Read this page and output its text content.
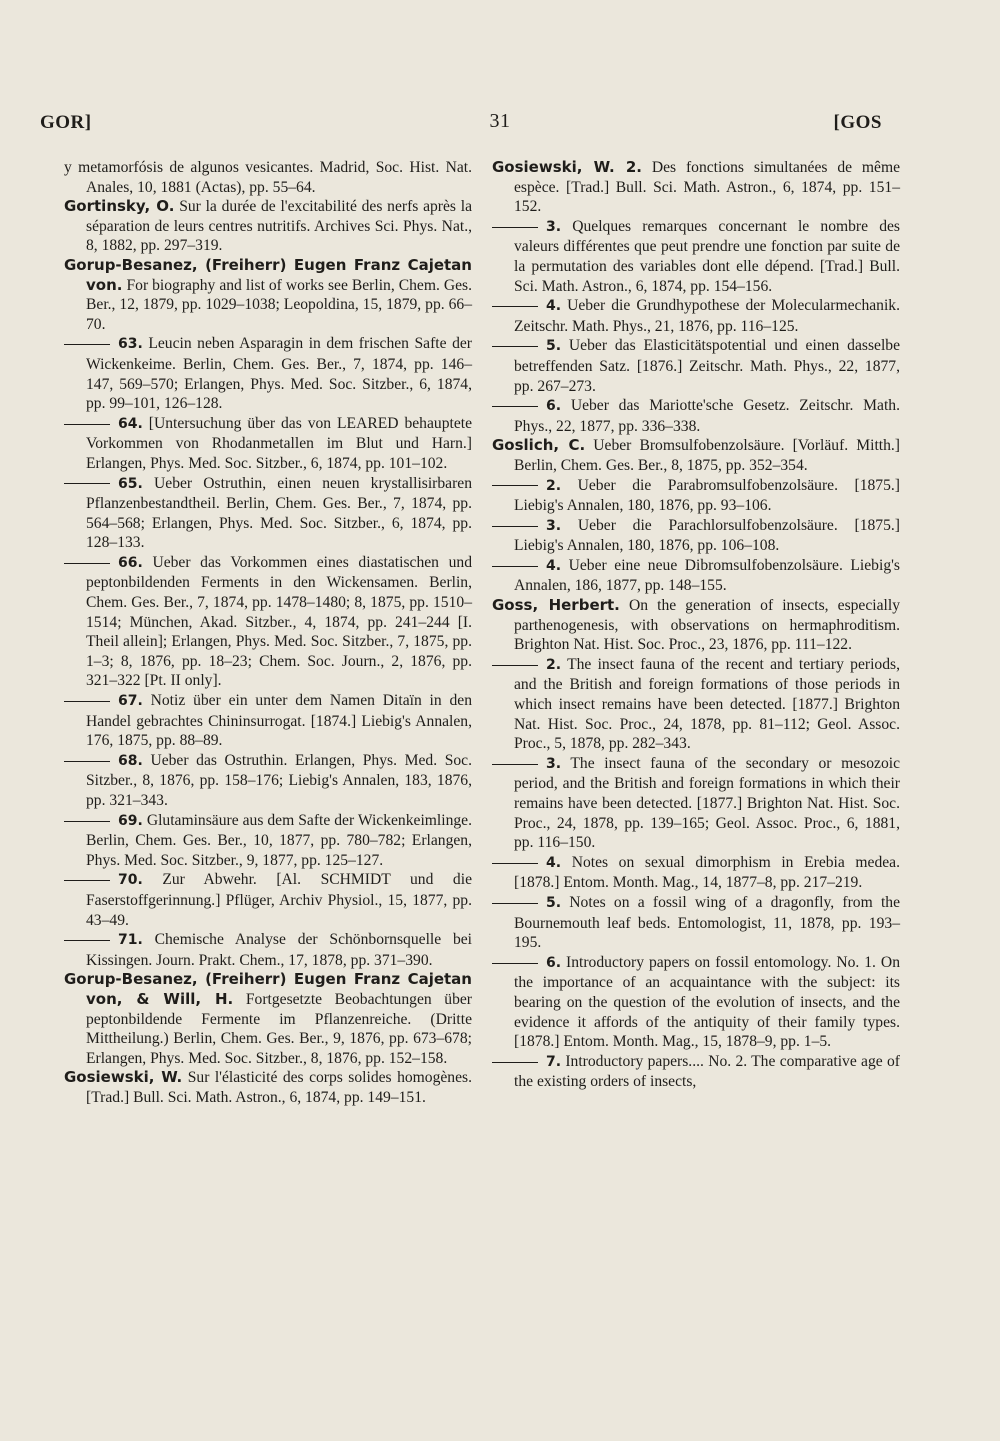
GOR]	31	[GOS

y metamorfósis de algunos vesicantes. Madrid, Soc. Hist. Nat. Anales, 10, 1881 (Actas), pp. 55–64.

Gortinsky, O. Sur la durée de l'excitabilité des nerfs après la séparation de leurs centres nutritifs. Archives Sci. Phys. Nat., 8, 1882, pp. 297–319.

Gorup-Besanez, (Freiherr) Eugen Franz Cajetan von. For biography and list of works see Berlin, Chem. Ges. Ber., 12, 1879, pp. 1029–1038; Leopoldina, 15, 1879, pp. 66–70.

63. Leucin neben Asparagin in dem frischen Safte der Wickenkeime. Berlin, Chem. Ges. Ber., 7, 1874, pp. 146–147, 569–570; Erlangen, Phys. Med. Soc. Sitzber., 6, 1874, pp. 99–101, 126–128.

64. [Untersuchung über das von LEARED behauptete Vorkommen von Rhodanmetallen im Blut und Harn.] Erlangen, Phys. Med. Soc. Sitzber., 6, 1874, pp. 101–102.

65. Ueber Ostruthin, einen neuen krystallisirbaren Pflanzenbestandtheil. Berlin, Chem. Ges. Ber., 7, 1874, pp. 564–568; Erlangen, Phys. Med. Soc. Sitzber., 6, 1874, pp. 128–133.

66. Ueber das Vorkommen eines diastatischen und peptonbildenden Ferments in den Wickensamen. Berlin, Chem. Ges. Ber., 7, 1874, pp. 1478–1480; 8, 1875, pp. 1510–1514; München, Akad. Sitzber., 4, 1874, pp. 241–244 [I. Theil allein]; Erlangen, Phys. Med. Soc. Sitzber., 7, 1875, pp. 1–3; 8, 1876, pp. 18–23; Chem. Soc. Journ., 2, 1876, pp. 321–322 [Pt. II only].

67. Notiz über ein unter dem Namen Ditaïn in den Handel gebrachtes Chininsurrogat. [1874.] Liebig's Annalen, 176, 1875, pp. 88–89.

68. Ueber das Ostruthin. Erlangen, Phys. Med. Soc. Sitzber., 8, 1876, pp. 158–176; Liebig's Annalen, 183, 1876, pp. 321–343.

69. Glutaminsäure aus dem Safte der Wickenkeimlinge. Berlin, Chem. Ges. Ber., 10, 1877, pp. 780–782; Erlangen, Phys. Med. Soc. Sitzber., 9, 1877, pp. 125–127.

70. Zur Abwehr. [Al. SCHMIDT und die Faserstoffgerinnung.] Pflüger, Archiv Physiol., 15, 1877, pp. 43–49.

71. Chemische Analyse der Schönbornsquelle bei Kissingen. Journ. Prakt. Chem., 17, 1878, pp. 371–390.

Gorup-Besanez, (Freiherr) Eugen Franz Cajetan von, & Will, H. Fortgesetzte Beobachtungen über peptonbildende Fermente im Pflanzenreiche. (Dritte Mittheilung.) Berlin, Chem. Ges. Ber., 9, 1876, pp. 673–678; Erlangen, Phys. Med. Soc. Sitzber., 8, 1876, pp. 152–158.

Gosiewski, W. Sur l'élasticité des corps solides homogènes. [Trad.] Bull. Sci. Math. Astron., 6, 1874, pp. 149–151.

Gosiewski, W. 2. Des fonctions simultanées de même espèce. [Trad.] Bull. Sci. Math. Astron., 6, 1874, pp. 151–152.

3. Quelques remarques concernant le nombre des valeurs différentes que peut prendre une fonction par suite de la permutation des variables dont elle dépend. [Trad.] Bull. Sci. Math. Astron., 6, 1874, pp. 154–156.

4. Ueber die Grundhypothese der Molecularmechanik. Zeitschr. Math. Phys., 21, 1876, pp. 116–125.

5. Ueber das Elasticitätspotential und einen dasselbe betreffenden Satz. [1876.] Zeitschr. Math. Phys., 22, 1877, pp. 267–273.

6. Ueber das Mariotte'sche Gesetz. Zeitschr. Math. Phys., 22, 1877, pp. 336–338.

Goslich, C. Ueber Bromsulfobenzolsäure. [Vorläuf. Mitth.] Berlin, Chem. Ges. Ber., 8, 1875, pp. 352–354.

2. Ueber die Parabromsulfobenzolsäure. [1875.] Liebig's Annalen, 180, 1876, pp. 93–106.

3. Ueber die Parachlorsulfobenzolsäure. [1875.] Liebig's Annalen, 180, 1876, pp. 106–108.

4. Ueber eine neue Dibromsulfobenzolsäure. Liebig's Annalen, 186, 1877, pp. 148–155.

Goss, Herbert. On the generation of insects, especially parthenogenesis, with observations on hermaphroditism. Brighton Nat. Hist. Soc. Proc., 23, 1876, pp. 111–122.

2. The insect fauna of the recent and tertiary periods, and the British and foreign formations of those periods in which insect remains have been detected. [1877.] Brighton Nat. Hist. Soc. Proc., 24, 1878, pp. 81–112; Geol. Assoc. Proc., 5, 1878, pp. 282–343.

3. The insect fauna of the secondary or mesozoic period, and the British and foreign formations in which their remains have been detected. [1877.] Brighton Nat. Hist. Soc. Proc., 24, 1878, pp. 139–165; Geol. Assoc. Proc., 6, 1881, pp. 116–150.

4. Notes on sexual dimorphism in Erebia medea. [1878.] Entom. Month. Mag., 14, 1877–8, pp. 217–219.

5. Notes on a fossil wing of a dragonfly, from the Bournemouth leaf beds. Entomologist, 11, 1878, pp. 193–195.

6. Introductory papers on fossil entomology. No. 1. On the importance of an acquaintance with the subject: its bearing on the question of the evolution of insects, and the evidence it affords of the antiquity of their family types. [1878.] Entom. Month. Mag., 15, 1878–9, pp. 1–5.

7. Introductory papers.... No. 2. The comparative age of the existing orders of insects,
